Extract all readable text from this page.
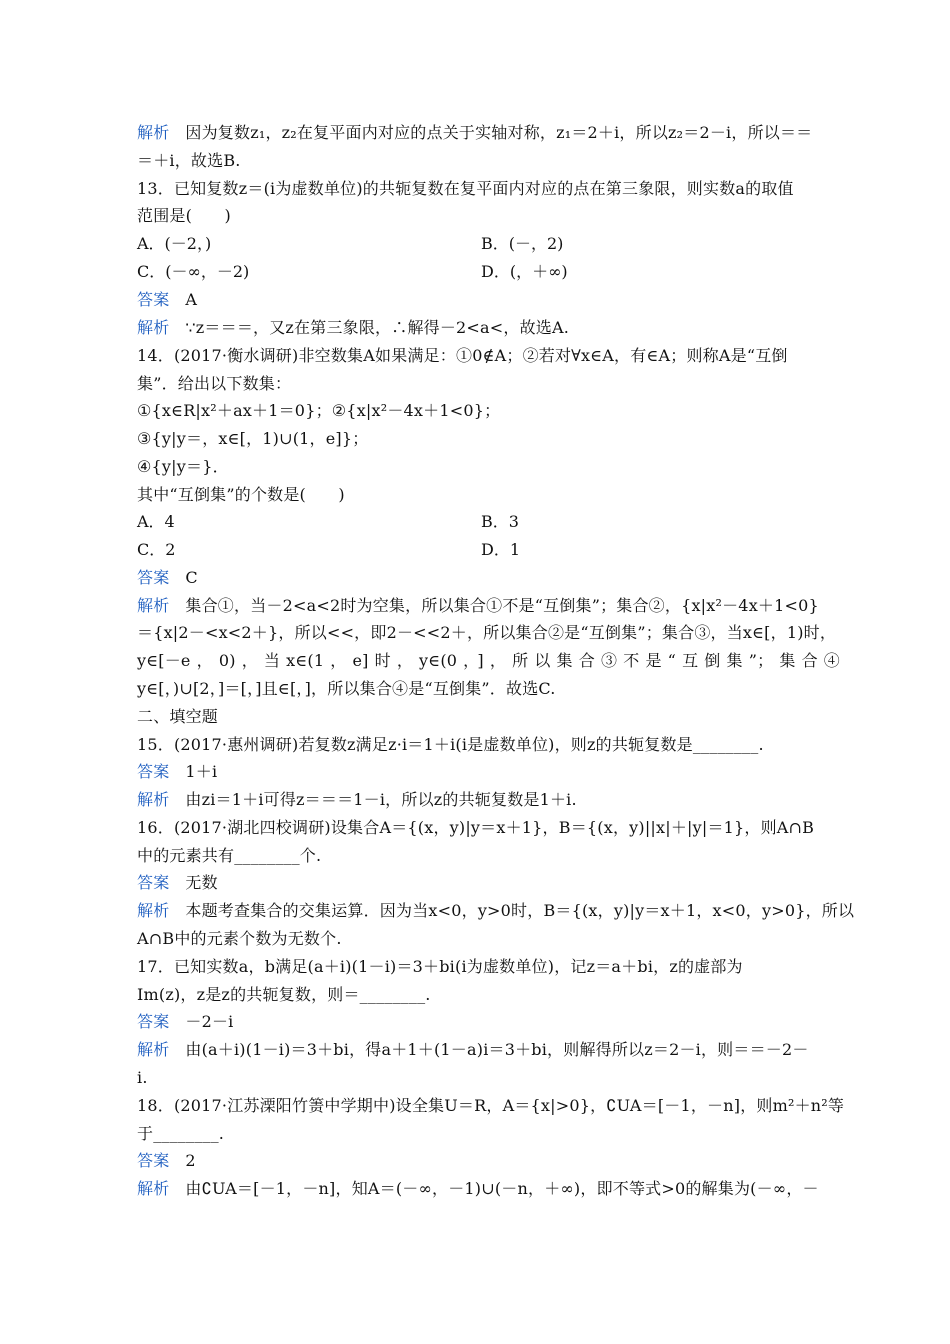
解析 因为复数z₁，z₂在复平面内对应的点关于实轴对称，z₁＝2＋i，所以z₂＝2－i，所以＝＝
＝＋i，故选B.
13．已知复数z＝(i为虚数单位)的共轭复数在复平面内对应的点在第三象限，则实数a的取值
范围是(　　)
A．(－2，)	B．(－，2)
C．(－∞，－2)	D．(，＋∞)
答案 A
解析 ∵z＝＝＝，又z在第三象限，∴解得－2<a<，故选A.
14．(2017·衡水调研)非空数集A如果满足：①0∉A；②若对∀x∈A，有∈A；则称A是“互倒
集”．给出以下数集：
①{x∈R|x²＋ax＋1＝0}；②{x|x²－4x＋1<0}；
③{y|y＝，x∈[，1)∪(1，e]}；
④{y|y＝}．
其中“互倒集”的个数是(　　)
A．4	B．3
C．2	D．1
答案 C
解析 集合①，当－2<a<2时为空集，所以集合①不是“互倒集”；集合②，{x|x²－4x＋1<0}
＝{x|2－<x<2＋}，所以<<，即2－<<2＋，所以集合②是“互倒集”；集合③，当x∈[，1)时，
y∈[－e，0)，当x∈(1，e]时，y∈(0，]，所以集合③不是“互倒集”；集合④
y∈[，)∪[2，]＝[，]且∈[，]，所以集合④是“互倒集”．故选C.
二、填空题
15．(2017·惠州调研)若复数z满足z·i＝1＋i(i是虚数单位)，则z的共轭复数是________.
答案 1＋i
解析 由zi＝1＋i可得z＝＝＝1－i，所以z的共轭复数是1＋i.
16．(2017·湖北四校调研)设集合A＝{(x，y)|y＝x＋1}，B＝{(x，y)||x|＋|y|＝1}，则A∩B
中的元素共有________个.
答案 无数
解析 本题考查集合的交集运算．因为当x<0，y>0时，B＝{(x，y)|y＝x＋1，x<0，y>0}，所以
A∩B中的元素个数为无数个.
17．已知实数a，b满足(a＋i)(1－i)＝3＋bi(i为虚数单位)，记z＝a＋bi，z的虚部为
Im(z)，z是z的共轭复数，则＝________.
答案 －2－i
解析 由(a＋i)(1－i)＝3＋bi，得a＋1＋(1－a)i＝3＋bi，则解得所以z＝2－i，则＝＝－2－
i.
18．(2017·江苏溧阳竹箦中学期中)设全集U＝R，A＝{x|>0}，∁UA＝[－1，－n]，则m²＋n²等
于________.
答案 2
解析 由∁UA＝[－1，－n]，知A＝(－∞，－1)∪(－n，＋∞)，即不等式>0的解集为(－∞，－
